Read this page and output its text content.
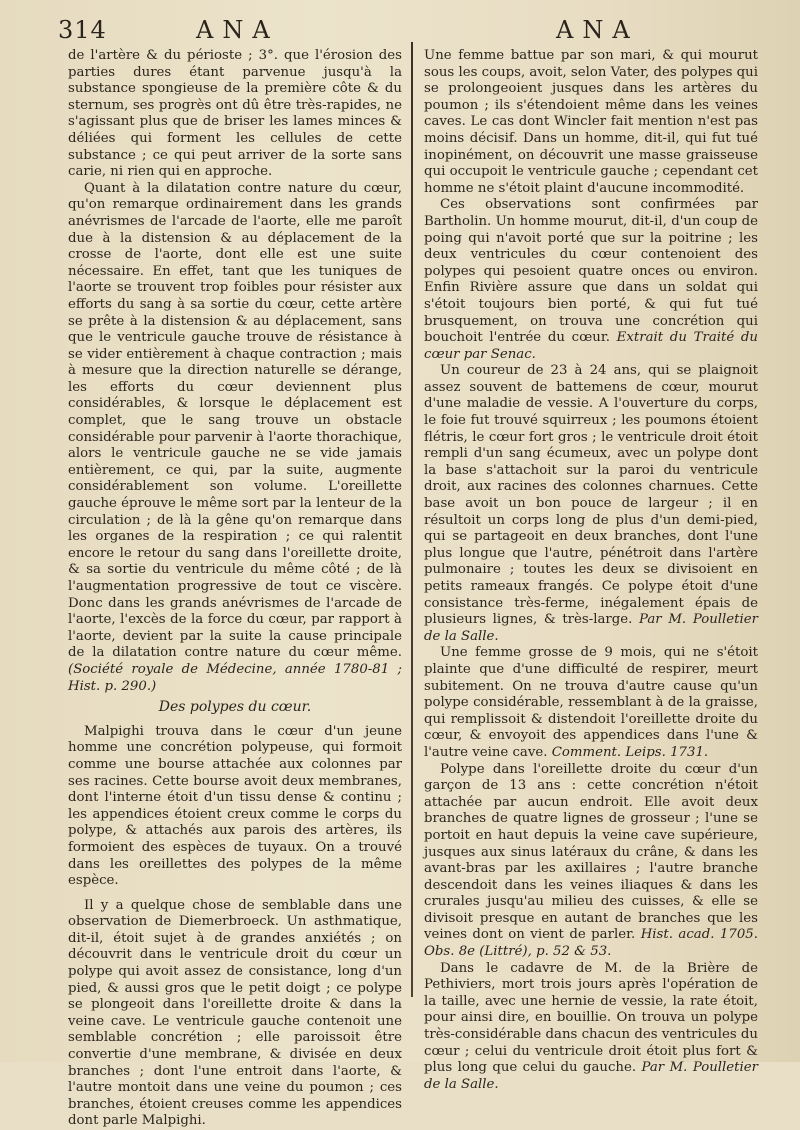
314	ANA	ANA

de l'artère & du périoste ; 3°. que l'érosion des parties dures étant parvenue jusqu'à la substance spongieuse de la première côte & du sternum, ses progrès ont dû être très-rapides, ne s'agissant plus que de briser les lames minces & déliées qui forment les cellules de cette substance ; ce qui peut arriver de la sorte sans carie, ni rien qui en approche.

Quant à la dilatation contre nature du cœur, qu'on remarque ordinairement dans les grands anévrismes de l'arcade de l'aorte, elle me paroît due à la distension & au déplacement de la crosse de l'aorte, dont elle est une suite nécessaire. En effet, tant que les tuniques de l'aorte se trouvent trop foibles pour résister aux efforts du sang à sa sortie du cœur, cette artère se prête à la distension & au déplacement, sans que le ventricule gauche trouve de résistance à se vider entièrement à chaque contraction ; mais à mesure que la direction naturelle se dérange, les efforts du cœur deviennent plus considérables, & lorsque le déplacement est complet, que le sang trouve un obstacle considérable pour parvenir à l'aorte thorachique, alors le ventricule gauche ne se vide jamais entièrement, ce qui, par la suite, augmente considérablement son volume. L'oreillette gauche éprouve le même sort par la lenteur de la circulation ; de là la gêne qu'on remarque dans les organes de la respiration ; ce qui ralentit encore le retour du sang dans l'oreillette droite, & sa sortie du ventricule du même côté ; de là l'augmentation progressive de tout ce viscère. Donc dans les grands anévrismes de l'arcade de l'aorte, l'excès de la force du cœur, par rapport à l'aorte, devient par la suite la cause principale de la dilatation contre nature du cœur même. (Société royale de Médecine, année 1780-81 ; Hist. p. 290.)

Des polypes du cœur.

Malpighi trouva dans le cœur d'un jeune homme une concrétion polypeuse, qui formoit comme une bourse attachée aux colonnes par ses racines. Cette bourse avoit deux membranes, dont l'interne étoit d'un tissu dense & continu ; les appendices étoient creux comme le corps du polype, & attachés aux parois des artères, ils formoient des espèces de tuyaux. On a trouvé dans les oreillettes des polypes de la même espèce.

Il y a quelque chose de semblable dans une observation de Diemerbroeck. Un asthmatique, dit-il, étoit sujet à de grandes anxiétés ; on découvrit dans le ventricule droit du cœur un polype qui avoit assez de consistance, long d'un pied, & aussi gros que le petit doigt ; ce polype se plongeoit dans l'oreillette droite & dans la veine cave. Le ventricule gauche contenoit une semblable concrétion ; elle paroissoit être convertie d'une membrane, & divisée en deux branches ; dont l'une entroit dans l'aorte, & l'autre montoit dans une veine du poumon ; ces branches, étoient creuses comme les appendices dont parle Malpighi.

Une femme battue par son mari, & qui mourut sous les coups, avoit, selon Vater, des polypes qui se prolongeoient jusques dans les artères du poumon ; ils s'étendoient même dans les veines caves. Le cas dont Wincler fait mention n'est pas moins décisif. Dans un homme, dit-il, qui fut tué inopinément, on découvrit une masse graisseuse qui occupoit le ventricule gauche ; cependant cet homme ne s'étoit plaint d'aucune incommodité.

Ces observations sont confirmées par Bartholin. Un homme mourut, dit-il, d'un coup de poing qui n'avoit porté que sur la poitrine ; les deux ventricules du cœur contenoient des polypes qui pesoient quatre onces ou environ. Enfin Rivière assure que dans un soldat qui s'étoit toujours bien porté, & qui fut tué brusquement, on trouva une concrétion qui bouchoit l'entrée du cœur. Extrait du Traité du cœur par Senac.

Un coureur de 23 à 24 ans, qui se plaignoit assez souvent de battemens de cœur, mourut d'une maladie de vessie. A l'ouverture du corps, le foie fut trouvé squirreux ; les poumons étoient flétris, le cœur fort gros ; le ventricule droit étoit rempli d'un sang écumeux, avec un polype dont la base s'attachoit sur la paroi du ventricule droit, aux racines des colonnes charnues. Cette base avoit un bon pouce de largeur ; il en résultoit un corps long de plus d'un demi-pied, qui se partageoit en deux branches, dont l'une plus longue que l'autre, pénétroit dans l'artère pulmonaire ; toutes les deux se divisoient en petits rameaux frangés. Ce polype étoit d'une consistance très-ferme, inégalement épais de plusieurs lignes, & très-large. Par M. Poulletier de la Salle.

Une femme grosse de 9 mois, qui ne s'étoit plainte que d'une difficulté de respirer, meurt subitement. On ne trouva d'autre cause qu'un polype considérable, ressemblant à de la graisse, qui remplissoit & distendoit l'oreillette droite du cœur, & envoyoit des appendices dans l'une & l'autre veine cave. Comment. Leips. 1731.

Polype dans l'oreillette droite du cœur d'un garçon de 13 ans : cette concrétion n'étoit attachée par aucun endroit. Elle avoit deux branches de quatre lignes de grosseur ; l'une se portoit en haut depuis la veine cave supérieure, jusques aux sinus latéraux du crâne, & dans les avant-bras par les axillaires ; l'autre branche descendoit dans les veines iliaques & dans les crurales jusqu'au milieu des cuisses, & elle se divisoit presque en autant de branches que les veines dont on vient de parler. Hist. acad. 1705. Obs. 8e (Littré), p. 52 & 53.

Dans le cadavre de M. de la Brière de Pethiviers, mort trois jours après l'opération de la taille, avec une hernie de vessie, la rate étoit, pour ainsi dire, en bouillie. On trouva un polype très-considérable dans chacun des ventricules du cœur ; celui du ventricule droit étoit plus fort & plus long que celui du gauche. Par M. Poulletier de la Salle.
